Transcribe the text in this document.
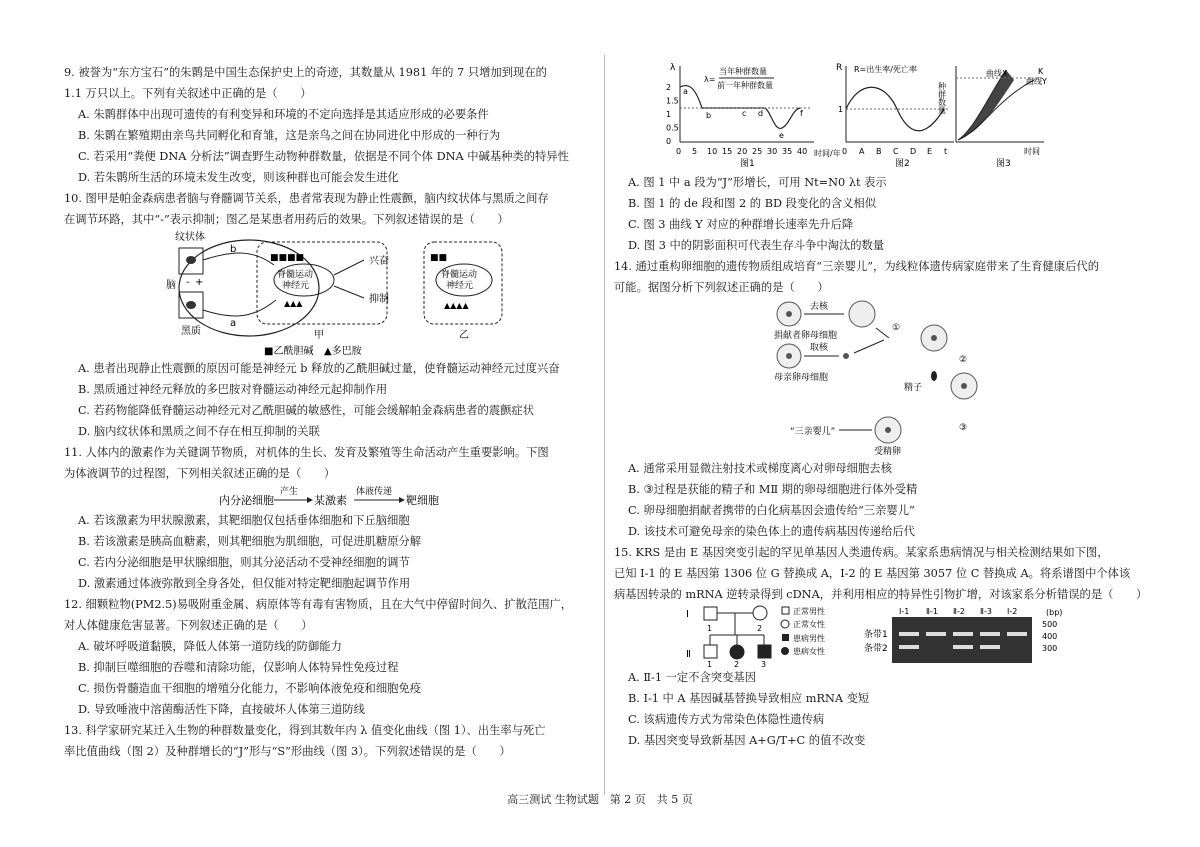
9. 被誉为“东方宝石”的朱鹮是中国生态保护史上的奇迹，其数量从 1981 年的 7 只增加到现在的

1.1 万只以上。下列有关叙述中正确的是（　　）

A. 朱鹮群体中出现可遗传的有利变异和环境的不定向选择是其适应形成的必要条件

B. 朱鹮在繁殖期由亲鸟共同孵化和育雏，这是亲鸟之间在协同进化中形成的一种行为

C. 若采用“粪便 DNA 分析法”调查野生动物种群数量，依据是不同个体 DNA 中碱基种类的特异性

D. 若朱鹮所生活的环境未发生改变，则该种群也可能会发生进化

10. 图甲是帕金森病患者脑与脊髓调节关系，患者常表现为静止性震颤，脑内纹状体与黑质之间存

在调节环路，其中“-”表示抑制；图乙是某患者用药后的效果。下列叙述错误的是（　　）

纹状体
脑
黑质
- +
b
a
脊髓运动
神经元
■■■■
▲▲▲
兴奋
抑制
甲
脊髓运动
神经元
■■
▲▲▲▲
乙
■乙酰胆碱 ▲多巴胺

A. 患者出现静止性震颤的原因可能是神经元 b 释放的乙酰胆碱过量，使脊髓运动神经元过度兴奋

B. 黑质通过神经元释放的多巴胺对脊髓运动神经元起抑制作用

C. 若药物能降低脊髓运动神经元对乙酰胆碱的敏感性，可能会缓解帕金森病患者的震颤症状

D. 脑内纹状体和黑质之间不存在相互抑制的关联

11. 人体内的激素作为关键调节物质，对机体的生长、发育及繁殖等生命活动产生重要影响。下图

为体液调节的过程图，下列相关叙述正确的是（　　）

内分泌细胞
产生
某激素
体液传递
靶细胞

A. 若该激素为甲状腺激素，其靶细胞仅包括垂体细胞和下丘脑细胞

B. 若该激素是胰高血糖素，则其靶细胞为肌细胞，可促进肌糖原分解

C. 若内分泌细胞是甲状腺细胞，则其分泌活动不受神经细胞的调节

D. 激素通过体液弥散到全身各处，但仅能对特定靶细胞起调节作用

12. 细颗粒物(PM2.5)易吸附重金属、病原体等有毒有害物质，且在大气中停留时间久、扩散范围广，

对人体健康危害显著。下列叙述正确的是（　　）

A. 破坏呼吸道黏膜，降低人体第一道防线的防御能力

B. 抑制巨噬细胞的吞噬和清除功能，仅影响人体特异性免疫过程

C. 损伤骨髓造血干细胞的增殖分化能力，不影响体液免疫和细胞免疫

D. 导致唾液中溶菌酶活性下降，直接破坏人体第三道防线

13. 科学家研究某迁入生物的种群数量变化，得到其数年内 λ 值变化曲线（图 1）、出生率与死亡

率比值曲线（图 2）及种群增长的“J”形与“S”形曲线（图 3）。下列叙述错误的是（　　）

λ
λ=
当年种群数量
前一年种群数量
2
1.5
1
0.5
0
0 5 10 15 20 25 30 35 40
a
b	c d
e
f
时间/年
图1
R R=出生率/死亡率
1
0 A B C D E t
图2
种群数量
曲线X
曲线Y
K
时间
图3

A. 图 1 中 a 段为“J”形增长，可用 Nt=N0 λt 表示

B. 图 1 的 de 段和图 2 的 BD 段变化的含义相似

C. 图 3 曲线 Y 对应的种群增长速率先升后降

D. 图 3 中的阴影面积可代表生存斗争中淘汰的数量

14. 通过重构卵细胞的遗传物质组成培育“三亲婴儿”，为线粒体遗传病家庭带来了生育健康后代的

可能。据图分析下列叙述正确的是（　　）

去核
捐献者卵母细胞
取核
母亲卵母细胞
①
②
精子
③
“三亲婴儿”
受精卵

A. 通常采用显微注射技术或梯度离心对卵母细胞去核

B. ③过程是获能的精子和 MⅡ 期的卵母细胞进行体外受精

C. 卵母细胞捐献者携带的白化病基因会遗传给“三亲婴儿”

D. 该技术可避免母亲的染色体上的遗传病基因传递给后代

15. KRS 是由 E 基因突变引起的罕见单基因人类遗传病。某家系患病情况与相关检测结果如下图，

已知 Ⅰ-1 的 E 基因第 1306 位 G 替换成 A，Ⅰ-2 的 E 基因第 3057 位 C 替换成 A。将系谱图中个体该

病基因转录的 mRNA 逆转录得到 cDNA，并利用相应的特异性引物扩增，对该家系分析错误的是（　　）

Ⅰ
Ⅱ
1	2
1	2	3
正常男性
正常女性
患病男性
患病女性
条带1
条带2
Ⅰ-1 Ⅱ-1 Ⅱ-2 Ⅱ-3 Ⅰ-2	(bp)
500
400
300

A. Ⅱ-1 一定不含突变基因

B. Ⅰ-1 中 A 基因碱基替换导致相应 mRNA 变短

C. 该病遗传方式为常染色体隐性遗传病

D. 基因突变导致新基因 A+G/T+C 的值不改变

高三测试 生物试题　第 2 页　共 5 页
